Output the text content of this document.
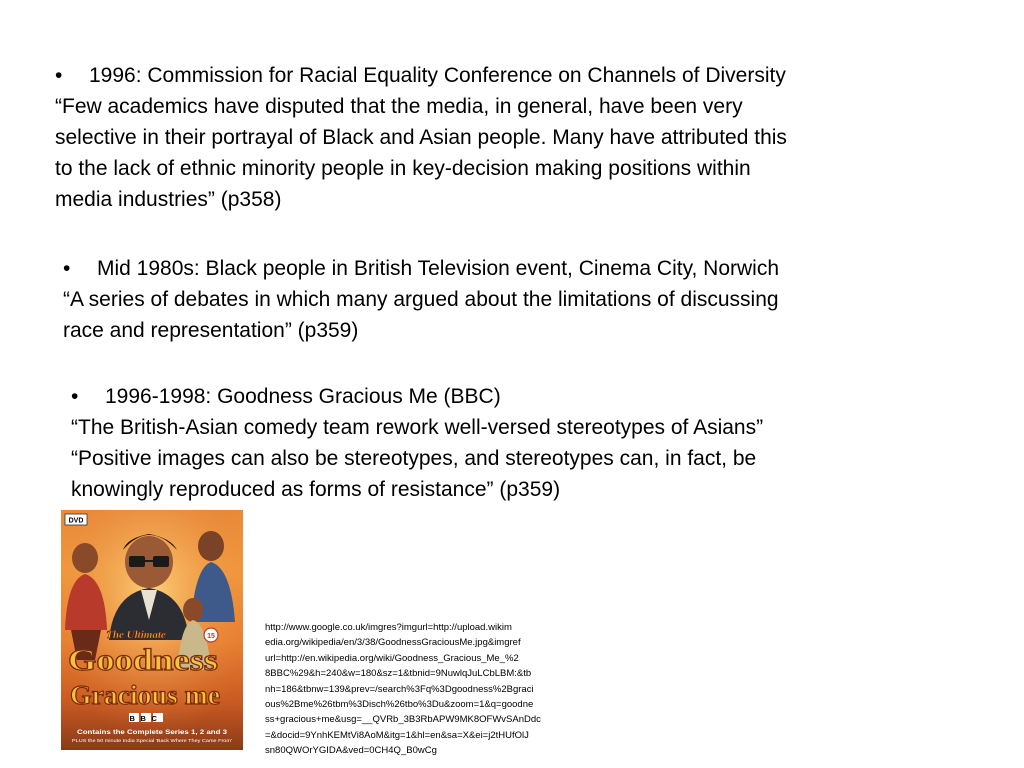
•	1996: Commission for Racial Equality Conference on Channels of Diversity

“Few academics have disputed that the media, in general, have been very

selective in their portrayal of Black and Asian people. Many have attributed this

to the lack of ethnic minority people in key-decision making positions within

media industries” (p358)

•	Mid 1980s: Black people in British Television event, Cinema City, Norwich

“A series of debates in which many argued about the limitations of discussing

race and representation” (p359)

•	1996-1998: Goodness Gracious Me (BBC)

“The British-Asian comedy team rework well-versed stereotypes of Asians”

“Positive images can also be stereotypes, and stereotypes can, in fact, be

knowingly reproduced as forms of resistance” (p359)

DVD
The Ultimate
Goodness
Gracious me
15
BBC
Contains the Complete Series 1, 2 and 3
PLUS the 50 minute India Special 'Back Where They Came From'
http://www.google.co.uk/imgres?imgurl=http://upload.wikim
edia.org/wikipedia/en/3/38/GoodnessGraciousMe.jpg&imgref
url=http://en.wikipedia.org/wiki/Goodness_Gracious_Me_%2
8BBC%29&h=240&w=180&sz=1&tbnid=9NuwlqJuLCbLBM:&tb
nh=186&tbnw=139&prev=/search%3Fq%3Dgoodness%2Bgraci
ous%2Bme%26tbm%3Disch%26tbo%3Du&zoom=1&q=goodne
ss+gracious+me&usg=__QVRb_3B3RbAPW9MK8OFWvSAnDdc
=&docid=9YnhKEMtVi8AoM&itg=1&hl=en&sa=X&ei=j2tHUfOlJ
sn80QWOrYGIDA&ved=0CH4Q_B0wCg
